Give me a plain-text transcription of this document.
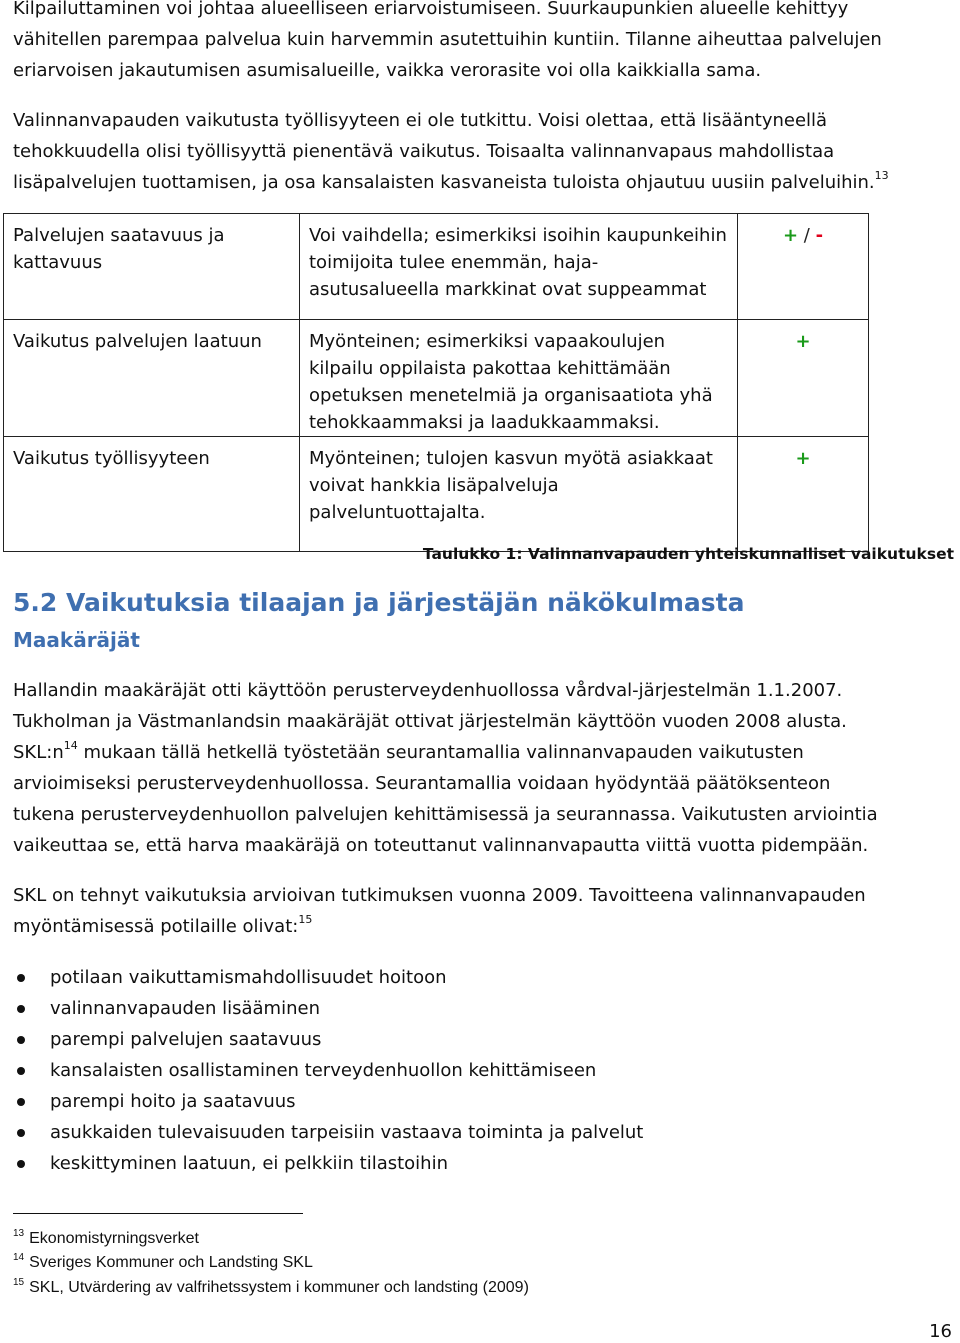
Kilpailuttaminen voi johtaa alueelliseen eriarvoistumiseen. Suurkaupunkien alueelle kehittyy

vähitellen parempaa palvelua kuin harvemmin asutettuihin kuntiin. Tilanne aiheuttaa palvelujen

eriarvoisen jakautumisen asumisalueille, vaikka verorasite voi olla kaikkialla sama.

Valinnanvapauden vaikutusta työllisyyteen ei ole tutkittu. Voisi olettaa, että lisääntyneellä

tehokkuudella olisi työllisyyttä pienentävä vaikutus. Toisaalta valinnanvapaus mahdollistaa

lisäpalvelujen tuottamisen, ja osa kansalaisten kasvaneista tuloista ohjautuu uusiin palveluihin.$^{13}$

Palvelujen saatavuus ja kattavuus	Voi vaihdella; esimerkiksi isoihin kaupunkeihin toimijoita tulee enemmän, haja-asutusalueella markkinat ovat suppeammat	+ / -
Vaikutus palvelujen laatuun	Myönteinen; esimerkiksi vapaakoulujen kilpailu oppilaista pakottaa kehittämään opetuksen menetelmiä ja organisaatiota yhä tehokkaammaksi ja laadukkaammaksi.	+
Vaikutus työllisyyteen	Myönteinen; tulojen kasvun myötä asiakkaat voivat hankkia lisäpalveluja palveluntuottajalta.	+
Taulukko 1: Valinnanvapauden yhteiskunnalliset vaikutukset
5.2 Vaikutuksia tilaajan ja järjestäjän näkökulmasta
Maakäräjät

Hallandin maakäräjät otti käyttöön perusterveydenhuollossa vårdval-järjestelmän 1.1.2007.

Tukholman ja Västmanlandsin maakäräjät ottivat järjestelmän käyttöön vuoden 2008 alusta.

$SKL:n^{14}$ mukaan tällä hetkellä työstetään seurantamallia valinnanvapauden vaikutusten

arvioimiseksi perusterveydenhuollossa. Seurantamallia voidaan hyödyntää päätöksenteon

tukena perusterveydenhuollon palvelujen kehittämisessä ja seurannassa. Vaikutusten arviointia

vaikeuttaa se, että harva maakäräjä on toteuttanut valinnanvapautta viittä vuotta pidempään.

SKL on tehnyt vaikutuksia arvioivan tutkimuksen vuonna 2009. Tavoitteena valinnanvapauden

myöntämisessä potilaille olivat:$^{15}$

potilaan vaikuttamismahdollisuudet hoitoon
valinnanvapauden lisääminen
parempi palvelujen saatavuus
kansalaisten osallistaminen terveydenhuollon kehittämiseen
parempi hoito ja saatavuus
asukkaiden tulevaisuuden tarpeisiin vastaava toiminta ja palvelut
keskittyminen laatuun, ei pelkkiin tilastoihin

$^{13}$ Ekonomistyrningsverket

$^{14}$ Sveriges Kommuner och Landsting SKL

$^{15}$ SKL, Utvärdering av valfrihetssystem i kommuner och landsting (2009)

16
